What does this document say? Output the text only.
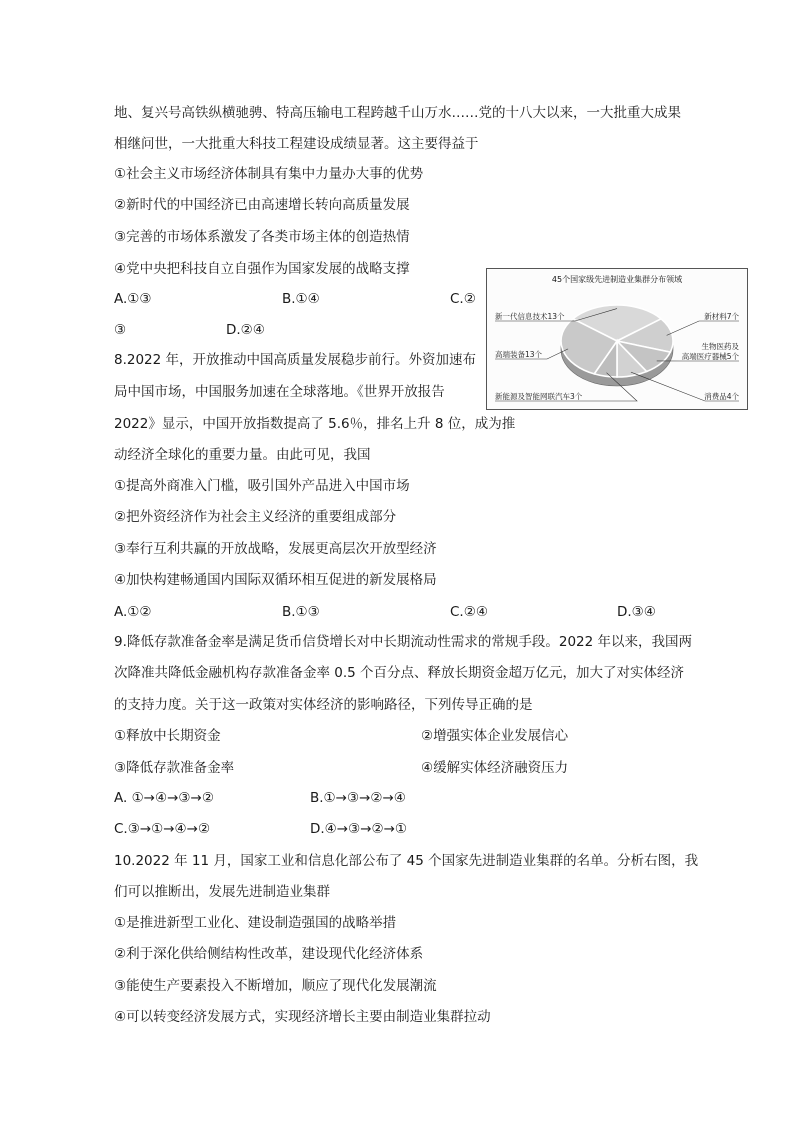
地、复兴号高铁纵横驰骋、特高压输电工程跨越千山万水……党的十八大以来，一大批重大成果
相继问世，一大批重大科技工程建设成绩显著。这主要得益于
①社会主义市场经济体制具有集中力量办大事的优势
②新时代的中国经济已由高速增长转向高质量发展
③完善的市场体系激发了各类市场主体的创造热情
④党中央把科技自立自强作为国家发展的战略支撑
A.①③	B.①④	C.②
③	D.②④
45个国家级先进制造业集群分布领域
新一代信息技术13个	新材料7个
高端装备13个
生物医药及
高端医疗器械5个
新能源及智能网联汽车3个	消费品4个
8.2022 年，开放推动中国高质量发展稳步前行。外资加速布
局中国市场，中国服务加速在全球落地。《世界开放报告
2022》显示，中国开放指数提高了 5.6％，排名上升 8 位，成为推
动经济全球化的重要力量。由此可见，我国
①提高外商准入门槛，吸引国外产品进入中国市场
②把外资经济作为社会主义经济的重要组成部分
③奉行互利共赢的开放战略，发展更高层次开放型经济
④加快构建畅通国内国际双循环相互促进的新发展格局
A.①②	B.①③	C.②④	D.③④
9.降低存款准备金率是满足货币信贷增长对中长期流动性需求的常规手段。2022 年以来，我国两
次降准共降低金融机构存款准备金率 0.5 个百分点、释放长期资金超万亿元，加大了对实体经济
的支持力度。关于这一政策对实体经济的影响路径，下列传导正确的是
①释放中长期资金	②增强实体企业发展信心
③降低存款准备金率	④缓解实体经济融资压力
A. ①→④→③→②	B.①→③→②→④
C.③→①→④→②	D.④→③→②→①
10.2022 年 11 月，国家工业和信息化部公布了 45 个国家先进制造业集群的名单。分析右图，我
们可以推断出，发展先进制造业集群
①是推进新型工业化、建设制造强国的战略举措
②利于深化供给侧结构性改革，建设现代化经济体系
③能使生产要素投入不断增加，顺应了现代化发展潮流
④可以转变经济发展方式，实现经济增长主要由制造业集群拉动
